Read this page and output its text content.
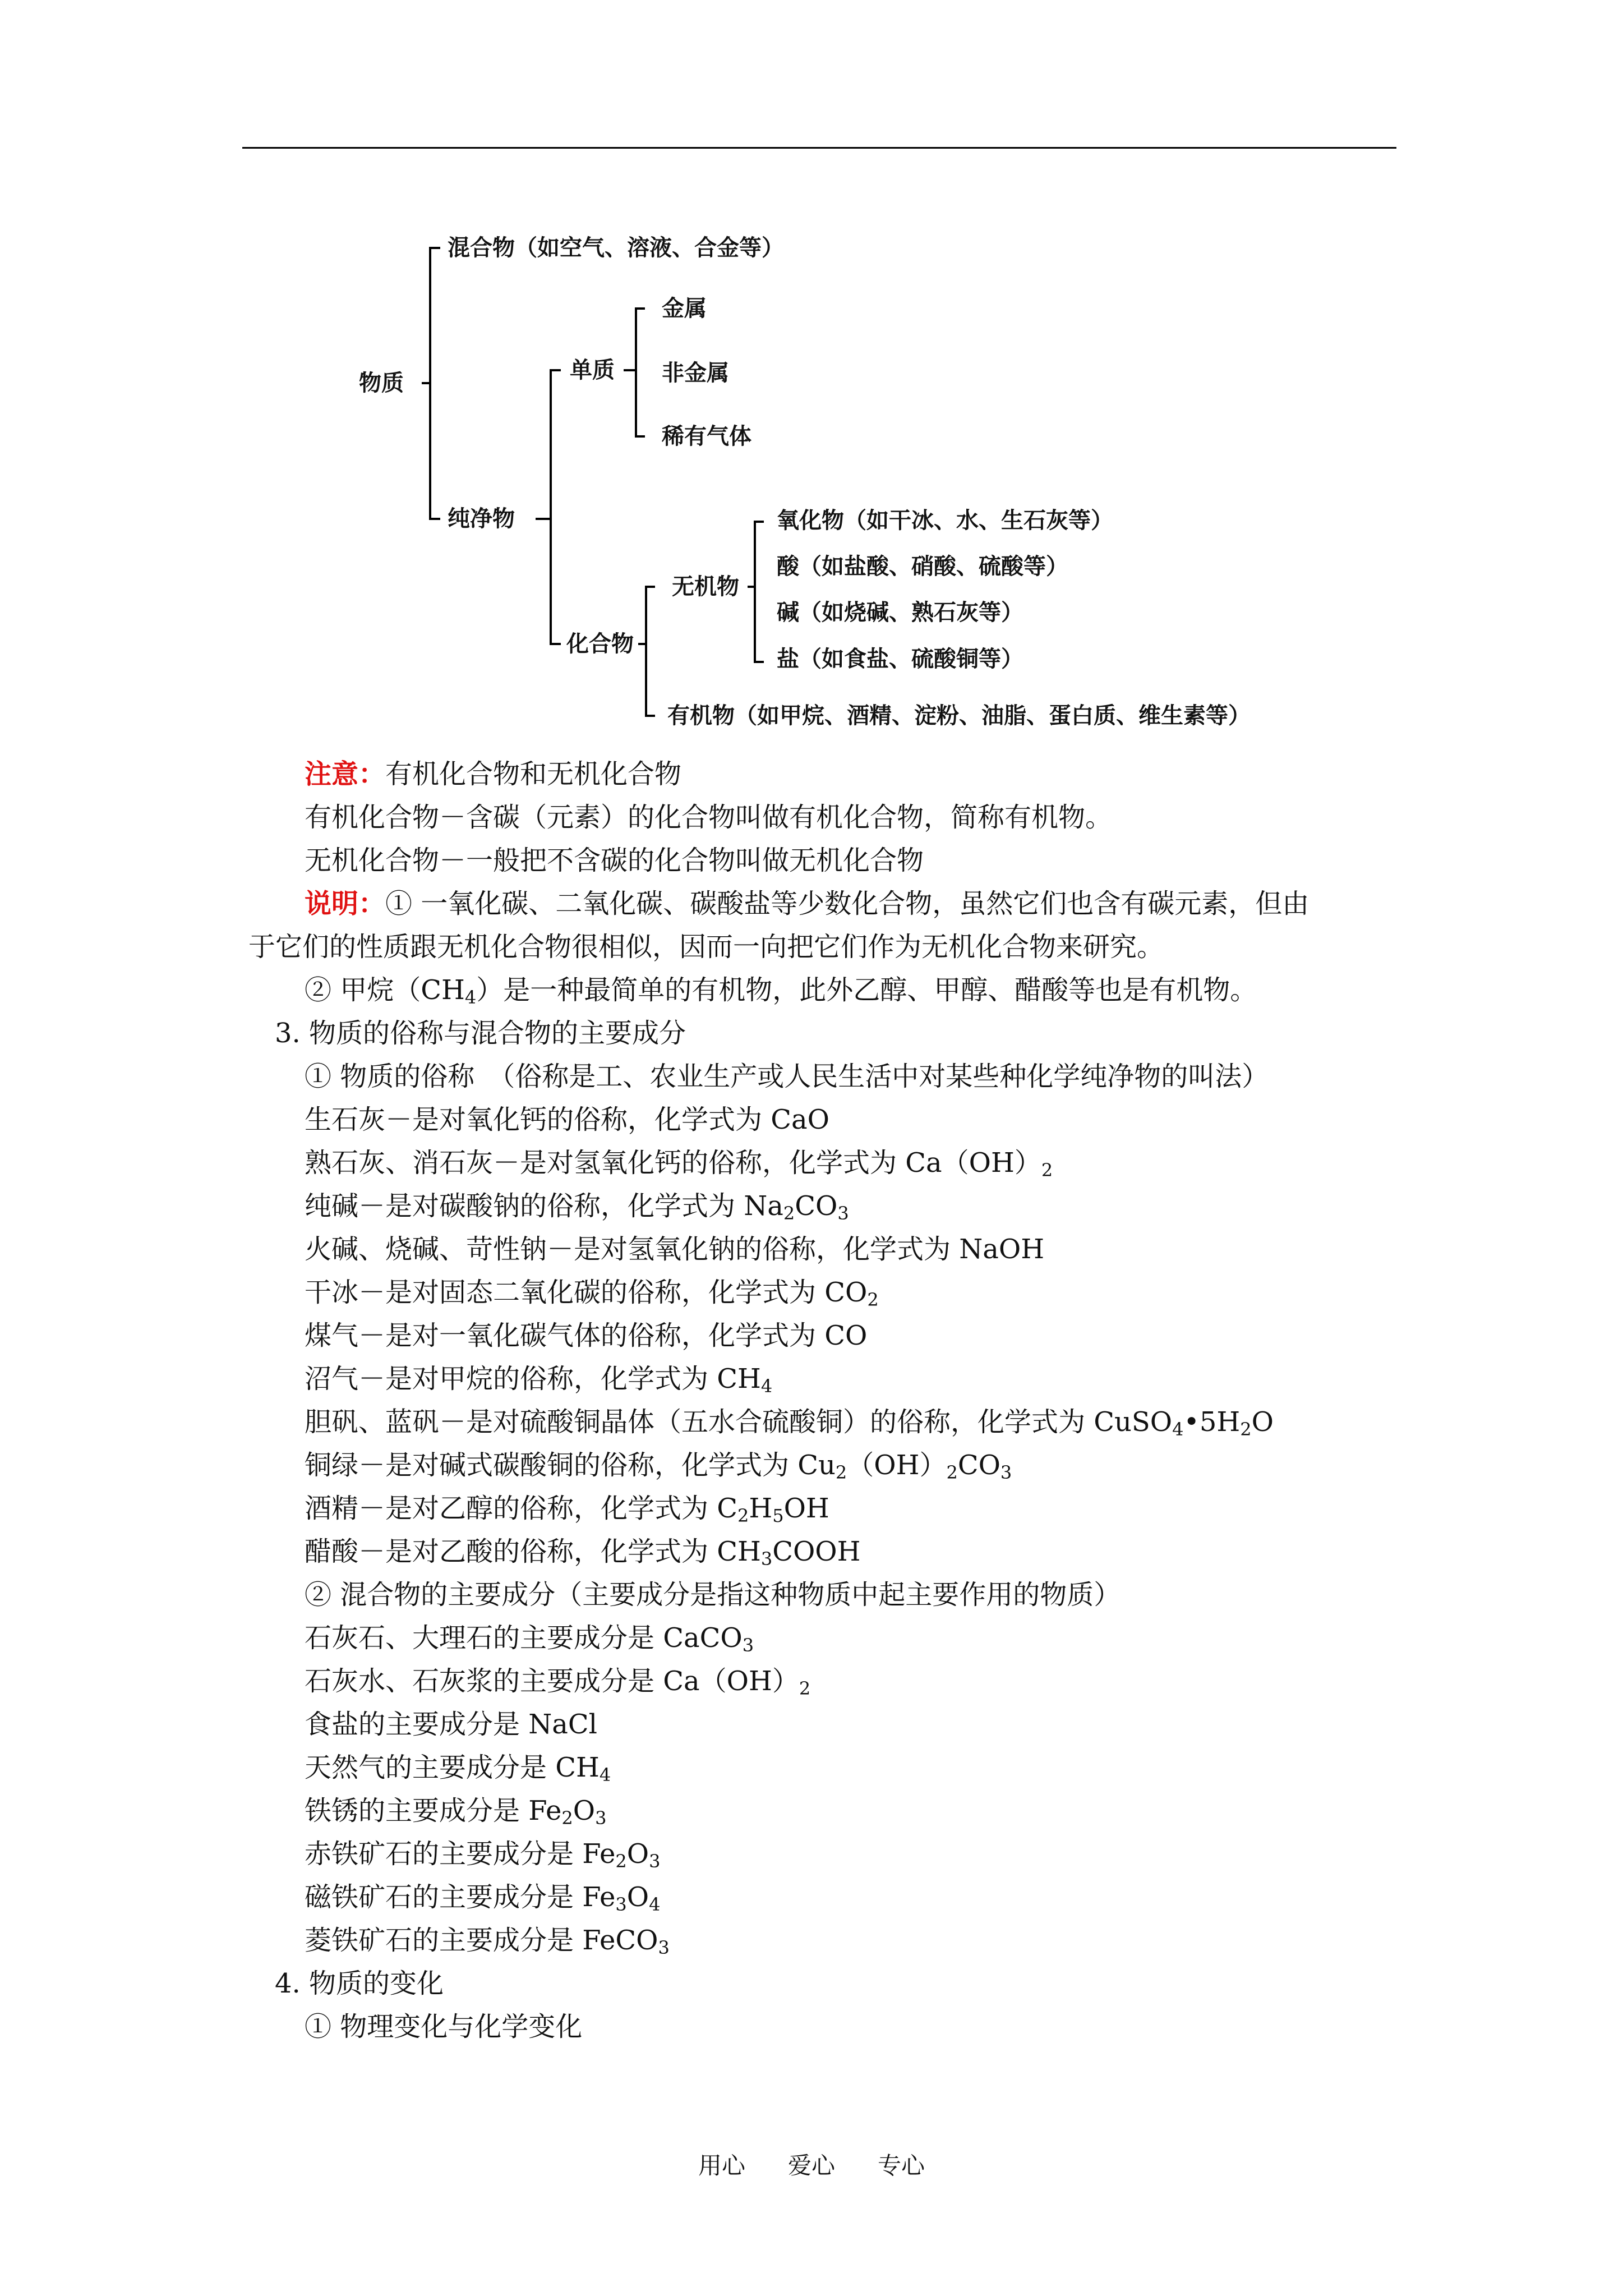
物质
混合物（如空气、溶液、合金等）
纯净物
单质
金属
非金属
稀有气体
化合物
无机物
氧化物（如干冰、水、生石灰等）
酸（如盐酸、硝酸、硫酸等）
碱（如烧碱、熟石灰等）
盐（如食盐、硫酸铜等）
有机物（如甲烷、酒精、淀粉、油脂、蛋白质、维生素等）
注意：有机化合物和无机化合物
有机化合物－含碳（元素）的化合物叫做有机化合物，简称有机物。
无机化合物－一般把不含碳的化合物叫做无机化合物
说明：① 一氧化碳、二氧化碳、碳酸盐等少数化合物，虽然它们也含有碳元素，但由
于它们的性质跟无机化合物很相似，因而一向把它们作为无机化合物来研究。
② 甲烷$(CH_4)$是一种最简单的有机物，此外乙醇、甲醇、醋酸等也是有机物。
3. 物质的俗称与混合物的主要成分
① 物质的俗称　（俗称是工、农业生产或人民生活中对某些种化学纯净物的叫法）
生石灰－是对氧化钙的俗称，化学式为 CaO
熟石灰、消石灰－是对氢氧化钙的俗称，化学式为 $Ca(OH)_2$
纯碱－是对碳酸钠的俗称，化学式为 $Na_2CO_3$
火碱、烧碱、苛性钠－是对氢氧化钠的俗称，化学式为 NaOH
干冰－是对固态二氧化碳的俗称，化学式为 $CO_2$
煤气－是对一氧化碳气体的俗称，化学式为 CO
沼气－是对甲烷的俗称，化学式为 $CH_4$
胆矾、蓝矾－是对硫酸铜晶体（五水合硫酸铜）的俗称，化学式为 $CuSO_4•5H_2O$
铜绿－是对碱式碳酸铜的俗称，化学式为 $Cu_2(OH)_2CO_3$
酒精－是对乙醇的俗称，化学式为 $C_2H_5OH$
醋酸－是对乙酸的俗称，化学式为 $CH_3COOH$
② 混合物的主要成分（主要成分是指这种物质中起主要作用的物质）
石灰石、大理石的主要成分是 CaCO$_3$
石灰水、石灰浆的主要成分是 $Ca(OH)_2$
食盐的主要成分是 NaCl
天然气的主要成分是 $CH_4$
铁锈的主要成分是 $Fe_2O_3$
赤铁矿石的主要成分是 $Fe_2O_3$
磁铁矿石的主要成分是 $Fe_3O_4$
菱铁矿石的主要成分是 FeCO$_3$
4. 物质的变化
① 物理变化与化学变化
用心 爱心 专心
